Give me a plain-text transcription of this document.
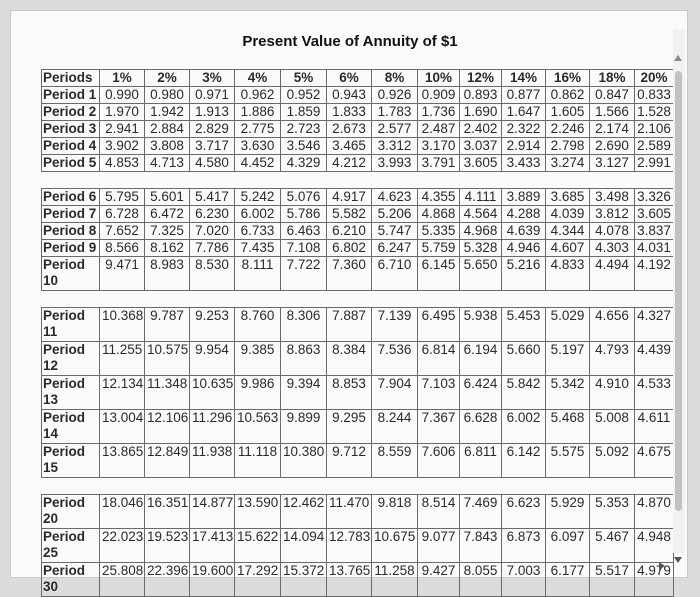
Present Value of Annuity of $1
Periods	1%	2%	3%	4%	5%	6%	8%	10%	12%	14%	16%	18%	20%
Period 1	0.990	0.980	0.971	0.962	0.952	0.943	0.926	0.909	0.893	0.877	0.862	0.847	0.833
Period 2	1.970	1.942	1.913	1.886	1.859	1.833	1.783	1.736	1.690	1.647	1.605	1.566	1.528
Period 3	2.941	2.884	2.829	2.775	2.723	2.673	2.577	2.487	2.402	2.322	2.246	2.174	2.106
Period 4	3.902	3.808	3.717	3.630	3.546	3.465	3.312	3.170	3.037	2.914	2.798	2.690	2.589
Period 5	4.853	4.713	4.580	4.452	4.329	4.212	3.993	3.791	3.605	3.433	3.274	3.127	2.991

Period 6	5.795	5.601	5.417	5.242	5.076	4.917	4.623	4.355	4.111	3.889	3.685	3.498	3.326
Period 7	6.728	6.472	6.230	6.002	5.786	5.582	5.206	4.868	4.564	4.288	4.039	3.812	3.605
Period 8	7.652	7.325	7.020	6.733	6.463	6.210	5.747	5.335	4.968	4.639	4.344	4.078	3.837
Period 9	8.566	8.162	7.786	7.435	7.108	6.802	6.247	5.759	5.328	4.946	4.607	4.303	4.031
Period 10	9.471	8.983	8.530	8.111	7.722	7.360	6.710	6.145	5.650	5.216	4.833	4.494	4.192

Period 11	10.368	9.787	9.253	8.760	8.306	7.887	7.139	6.495	5.938	5.453	5.029	4.656	4.327
Period 12	11.255	10.575	9.954	9.385	8.863	8.384	7.536	6.814	6.194	5.660	5.197	4.793	4.439
Period 13	12.134	11.348	10.635	9.986	9.394	8.853	7.904	7.103	6.424	5.842	5.342	4.910	4.533
Period 14	13.004	12.106	11.296	10.563	9.899	9.295	8.244	7.367	6.628	6.002	5.468	5.008	4.611
Period 15	13.865	12.849	11.938	11.118	10.380	9.712	8.559	7.606	6.811	6.142	5.575	5.092	4.675

Period 20	18.046	16.351	14.877	13.590	12.462	11.470	9.818	8.514	7.469	6.623	5.929	5.353	4.870
Period 25	22.023	19.523	17.413	15.622	14.094	12.783	10.675	9.077	7.843	6.873	6.097	5.467	4.948
Period 30	25.808	22.396	19.600	17.292	15.372	13.765	11.258	9.427	8.055	7.003	6.177	5.517	4.979
